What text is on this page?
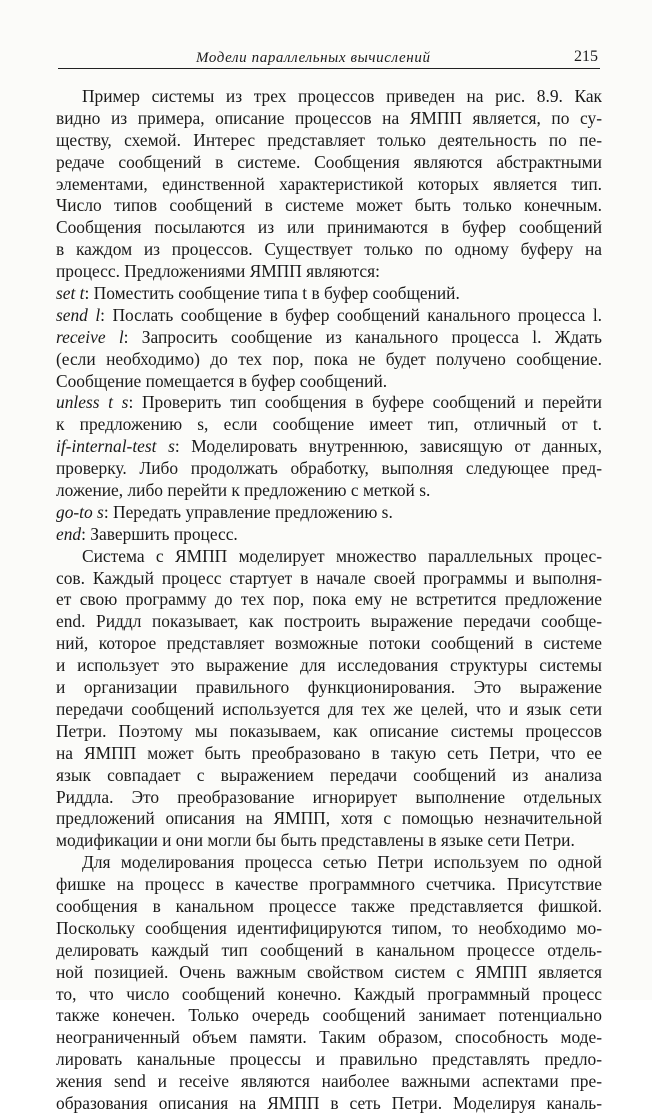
Модели параллельных вычислений	215
Пример системы из трех процессов приведен на рис. 8.9. Как
видно из примера, описание процессов на ЯМПП является, по су-
ществу, схемой. Интерес представляет только деятельность по пе-
редаче сообщений в системе. Сообщения являются абстрактными
элементами, единственной характеристикой которых является тип.
Число типов сообщений в системе может быть только конечным.
Сообщения посылаются из или принимаются в буфер сообщений
в каждом из процессов. Существует только по одному буферу на
процесс. Предложениями ЯМПП являются:
set t: Поместить сообщение типа t в буфер сообщений.
send l: Послать сообщение в буфер сообщений канального процесса l.
receive l: Запросить сообщение из канального процесса l. Ждать
(если необходимо) до тех пор, пока не будет получено сообщение.
Сообщение помещается в буфер сообщений.
unless t s: Проверить тип сообщения в буфере сообщений и перейти
к предложению s, если сообщение имеет тип, отличный от t.
if-internal-test s: Моделировать внутреннюю, зависящую от данных,
проверку. Либо продолжать обработку, выполняя следующее пред-
ложение, либо перейти к предложению с меткой s.
go-to s: Передать управление предложению s.
end: Завершить процесс.
Система с ЯМПП моделирует множество параллельных процес-
сов. Каждый процесс стартует в начале своей программы и выполня-
ет свою программу до тех пор, пока ему не встретится предложение
end. Риддл показывает, как построить выражение передачи сообще-
ний, которое представляет возможные потоки сообщений в системе
и использует это выражение для исследования структуры системы
и организации правильного функционирования. Это выражение
передачи сообщений используется для тех же целей, что и язык сети
Петри. Поэтому мы показываем, как описание системы процессов
на ЯМПП может быть преобразовано в такую сеть Петри, что ее
язык совпадает с выражением передачи сообщений из анализа
Риддла. Это преобразование игнорирует выполнение отдельных
предложений описания на ЯМПП, хотя с помощью незначительной
модификации и они могли бы быть представлены в языке сети Петри.
Для моделирования процесса сетью Петри используем по одной
фишке на процесс в качестве программного счетчика. Присутствие
сообщения в канальном процессе также представляется фишкой.
Поскольку сообщения идентифицируются типом, то необходимо мо-
делировать каждый тип сообщений в канальном процессе отдель-
ной позицией. Очень важным свойством систем с ЯМПП является
то, что число сообщений конечно. Каждый программный процесс
также конечен. Только очередь сообщений занимает потенциально
неограниченный объем памяти. Таким образом, способность моде-
лировать канальные процессы и правильно представлять предло-
жения send и receive являются наиболее важными аспектами пре-
образования описания на ЯМПП в сеть Петри. Моделируя каналь-
